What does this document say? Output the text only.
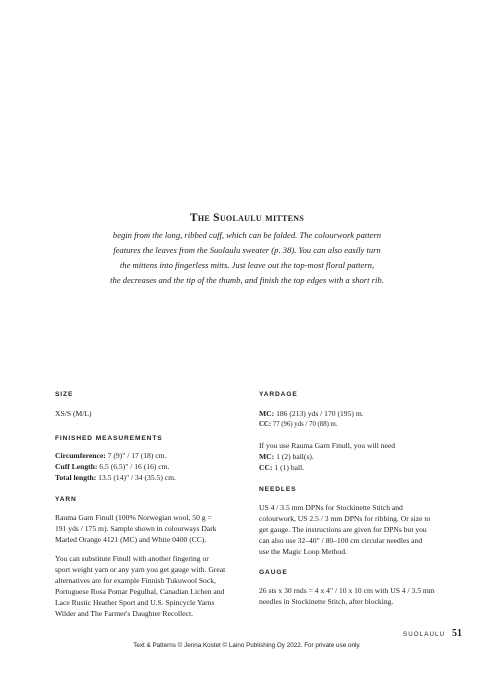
The Suolaulu mittens
begin from the long, ribbed cuff, which can be folded. The colourwork pattern
features the leaves from the Suolaulu sweater (p. 38). You can also easily turn
the mittens into fingerless mitts. Just leave out the top-most floral pattern,
the decreases and the tip of the thumb, and finish the top edges with a short rib.
SIZE
XS/S (M/L)
FINISHED MEASUREMENTS
Circumference: 7 (9)" / 17 (18) cm.
Cuff Length: 6.5 (6.5)" / 16 (16) cm.
Total length: 13.5 (14)" / 34 (35.5) cm.
YARN
Rauma Garn Finull (100% Norwegian wool, 50 g =
191 yds / 175 m). Sample shown in colourways Dark
Marled Orange 4121 (MC) and White 0400 (CC).
You can substitute Finull with another fingering or
sport weight yarn or any yarn you get gauge with. Great
alternatives are for example Finnish Tukuwool Sock,
Portuguese Rosa Pomar Pegulhal, Canadian Lichen and
Lace Rustic Heather Sport and U.S. Spincycle Yarns
Wilder and The Farmer's Daughter Recollect.
YARDAGE
MC: 186 (213) yds / 170 (195) m.
CC: 77 (96) yds / 70 (88) m.
If you use Rauma Garn Finull, you will need
MC: 1 (2) ball(s).
CC: 1 (1) ball.
NEEDLES
US 4 / 3.5 mm DPNs for Stockinette Stitch and
colourwork, US 2.5 / 3 mm DPNs for ribbing. Or size to
get gauge. The instructions are given for DPNs but you
can also use 32–40" / 80–100 cm circular needles and
use the Magic Loop Method.
GAUGE
26 sts x 30 rnds = 4 x 4" / 10 x 10 cm with US 4 / 3.5 mm
needles in Stockinette Stitch, after blocking.
SUOLAULU 51
Text & Patterns © Jenna Kostet © Laino Publishing Oy 2022. For private use only.
